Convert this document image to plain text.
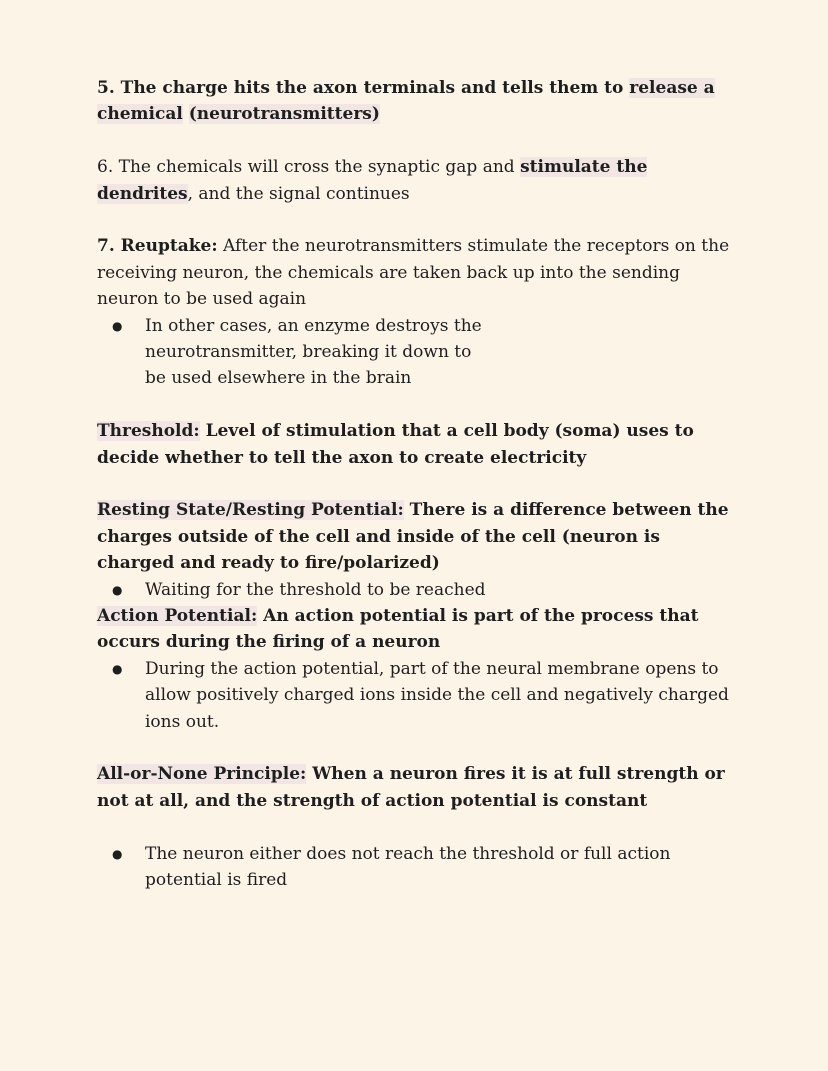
5. The charge hits the axon terminals and tells them to release a chemical (neurotransmitters)

6. The chemicals will cross the synaptic gap and stimulate the dendrites, and the signal continues

7. Reuptake: After the neurotransmitters stimulate the receptors on the receiving neuron, the chemicals are taken back up into the sending neuron to be used again

● In other cases, an enzyme destroys the neurotransmitter, breaking it down to be used elsewhere in the brain

Threshold: Level of stimulation that a cell body (soma) uses to decide whether to tell the axon to create electricity

Resting State/Resting Potential: There is a difference between the charges outside of the cell and inside of the cell (neuron is charged and ready to fire/polarized)

● Waiting for the threshold to be reached

Action Potential: An action potential is part of the process that occurs during the firing of a neuron

● During the action potential, part of the neural membrane opens to allow positively charged ions inside the cell and negatively charged ions out.

All-or-None Principle: When a neuron fires it is at full strength or not at all, and the strength of action potential is constant

● The neuron either does not reach the threshold or full action potential is fired
